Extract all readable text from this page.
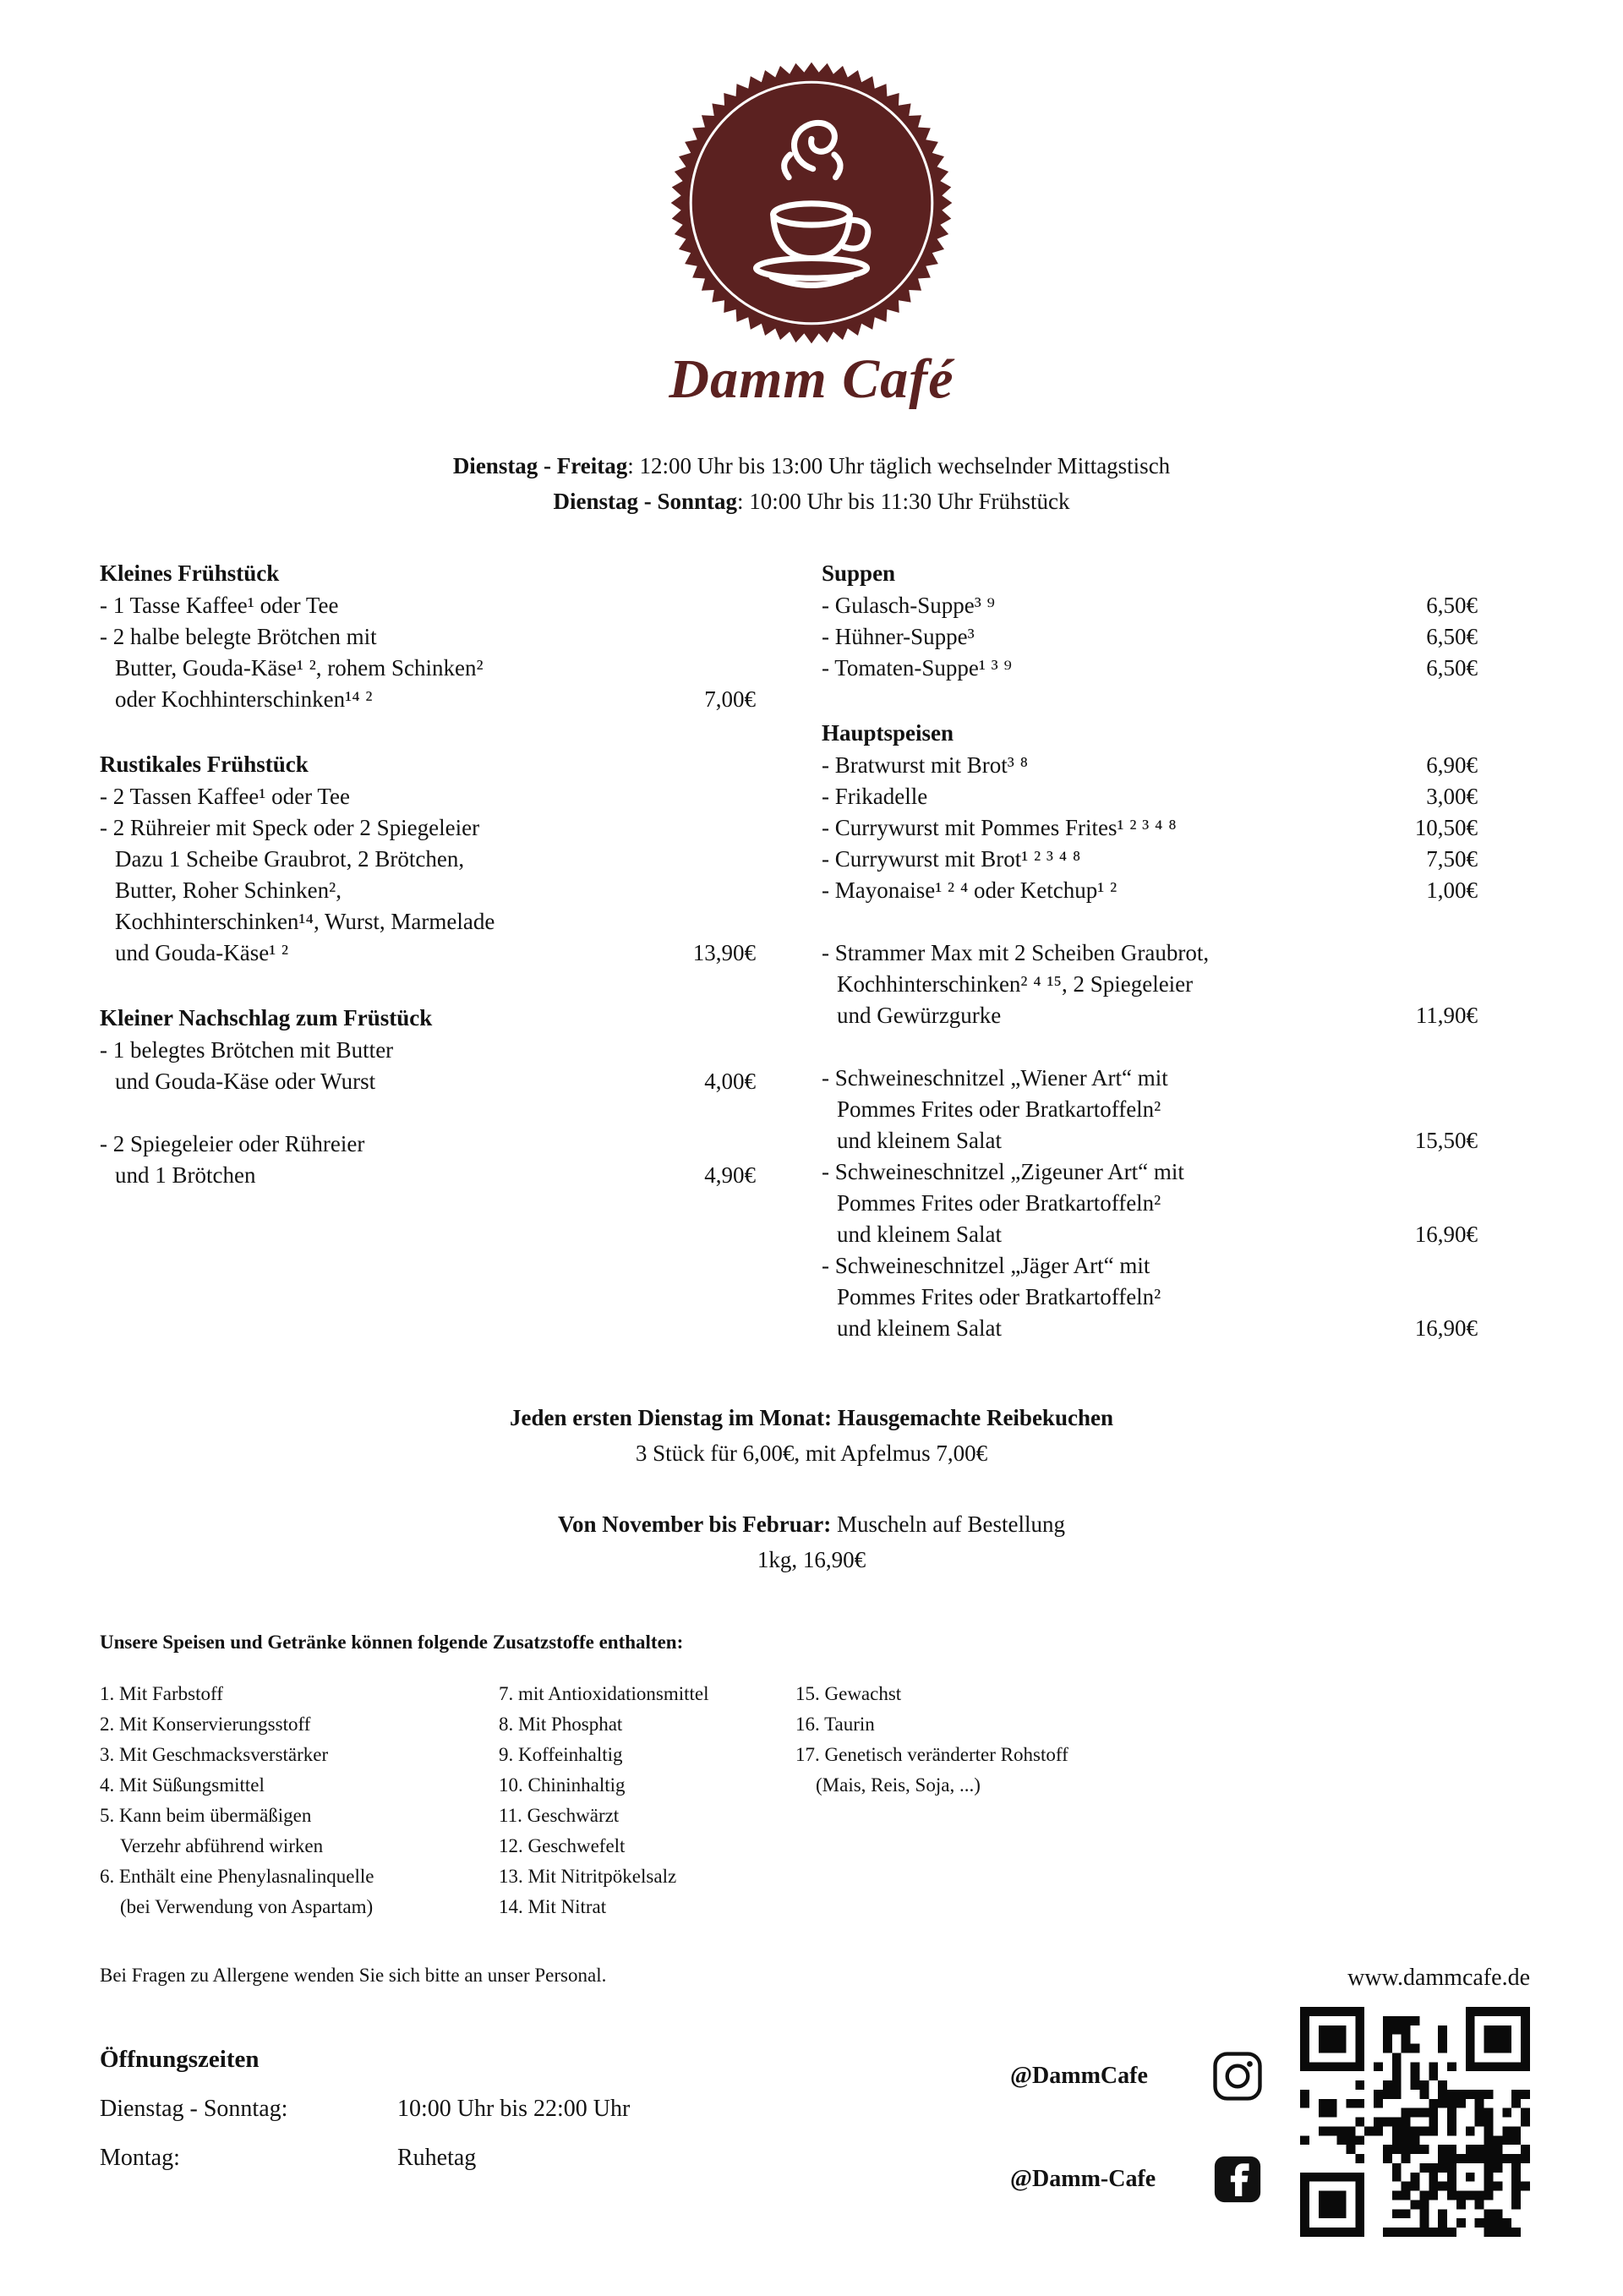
Damm Café
Dienstag - Freitag: 12:00 Uhr bis 13:00 Uhr täglich wechselnder Mittagstisch
Dienstag - Sonntag: 10:00 Uhr bis 11:30 Uhr Frühstück
Kleines Frühstück
- 1 Tasse Kaffee¹ oder Tee
- 2 halbe belegte Brötchen mit
Butter, Gouda-Käse¹ ², rohem Schinken²
oder Kochhinterschinken¹⁴ ²	7,00€
Rustikales Frühstück
- 2 Tassen Kaffee¹ oder Tee
- 2 Rühreier mit Speck oder 2 Spiegeleier
Dazu 1 Scheibe Graubrot, 2 Brötchen,
Butter, Roher Schinken²,
Kochhinterschinken¹⁴, Wurst, Marmelade
und Gouda-Käse¹ ²	13,90€
Kleiner Nachschlag zum Früstück
- 1 belegtes Brötchen mit Butter
und Gouda-Käse oder Wurst	4,00€
- 2 Spiegeleier oder Rühreier
und 1 Brötchen	4,90€
Suppen
- Gulasch-Suppe³ ⁹	6,50€
- Hühner-Suppe³	6,50€
- Tomaten-Suppe¹ ³ ⁹	6,50€
Hauptspeisen
- Bratwurst mit Brot³ ⁸	6,90€
- Frikadelle	3,00€
- Currywurst mit Pommes Frites¹ ² ³ ⁴ ⁸	10,50€
- Currywurst mit Brot¹ ² ³ ⁴ ⁸	7,50€
- Mayonaise¹ ² ⁴ oder Ketchup¹ ²	1,00€
- Strammer Max mit 2 Scheiben Graubrot,
Kochhinterschinken² ⁴ ¹⁵, 2 Spiegeleier
und Gewürzgurke	11,90€
- Schweineschnitzel „Wiener Art“ mit
Pommes Frites oder Bratkartoffeln²
und kleinem Salat	15,50€
- Schweineschnitzel „Zigeuner Art“ mit
Pommes Frites oder Bratkartoffeln²
und kleinem Salat	16,90€
- Schweineschnitzel „Jäger Art“ mit
Pommes Frites oder Bratkartoffeln²
und kleinem Salat	16,90€
Jeden ersten Dienstag im Monat: Hausgemachte Reibekuchen
3 Stück für 6,00€, mit Apfelmus 7,00€
Von November bis Februar: Muscheln auf Bestellung
1kg, 16,90€
Unsere Speisen und Getränke können folgende Zusatzstoffe enthalten:
1. Mit Farbstoff
2. Mit Konservierungsstoff
3. Mit Geschmacksverstärker
4. Mit Süßungsmittel
5. Kann beim übermäßigen
Verzehr abführend wirken
6. Enthält eine Phenylasnalinquelle
(bei Verwendung von Aspartam)
7. mit Antioxidationsmittel
8. Mit Phosphat
9. Koffeinhaltig
10. Chininhaltig
11. Geschwärzt
12. Geschwefelt
13. Mit Nitritpökelsalz
14. Mit Nitrat
15. Gewachst
16. Taurin
17. Genetisch veränderter Rohstoff
(Mais, Reis, Soja, ...)
Bei Fragen zu Allergene wenden Sie sich bitte an unser Personal.	www.dammcafe.de
Öffnungszeiten
Dienstag - Sonntag:	10:00 Uhr bis 22:00 Uhr
Montag:	Ruhetag
@DammCafe
@Damm-Cafe
